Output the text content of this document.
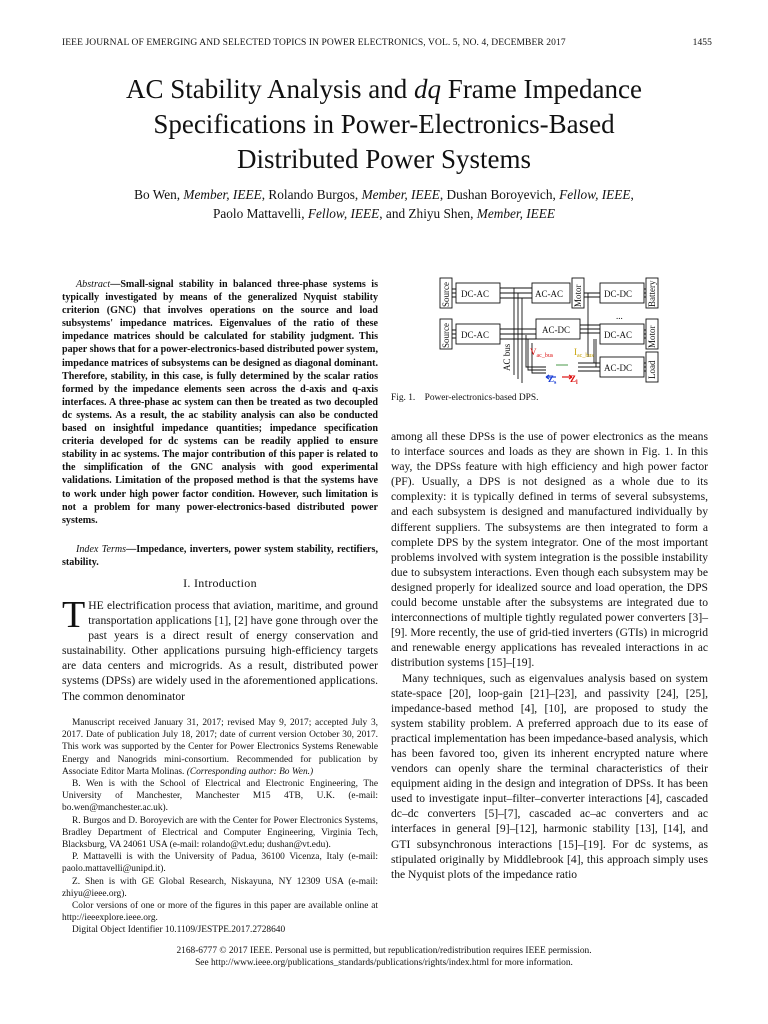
IEEE JOURNAL OF EMERGING AND SELECTED TOPICS IN POWER ELECTRONICS, VOL. 5, NO. 4, DECEMBER 2017	1455
AC Stability Analysis and dq Frame Impedance
Specifications in Power-Electronics-Based
Distributed Power Systems
Bo Wen, Member, IEEE, Rolando Burgos, Member, IEEE, Dushan Boroyevich, Fellow, IEEE,
Paolo Mattavelli, Fellow, IEEE, and Zhiyu Shen, Member, IEEE
Abstract—Small-signal stability in balanced three-phase systems is typically investigated by means of the generalized Nyquist stability criterion (GNC) that involves operations on the source and load subsystems' impedance matrices. Eigenvalues of the ratio of these impedance matrices should be calculated for stability judgment. This paper shows that for a power-electronics-based distributed power system, impedance matrices of subsystems can be designed as diagonal dominant. Therefore, stability, in this case, is fully determined by the scalar ratios formed by the impedance elements seen across the d-axis and q-axis interfaces. A three-phase ac system can then be treated as two decoupled dc systems. As a result, the ac stability analysis can also be conducted based on insightful impedance quantities; impedance specification criteria developed for dc systems can be readily applied to ensure stability in ac systems. The major contribution of this paper is related to the simplification of the GNC analysis with good experimental validations. Limitation of the proposed method is that the systems have to work under high power factor condition. However, such limitation is not a problem for many power-electronics-based distributed power systems.
Index Terms—Impedance, inverters, power system stability, rectifiers, stability.
I. Introduction
THE electrification process that aviation, maritime, and ground transportation applications [1], [2] have gone through over the past years is a direct result of energy conservation and sustainability. Other applications pursuing high-efficiency targets are data centers and microgrids. As a result, distributed power systems (DPSs) are widely used in the aforementioned applications. The common denominator

Manuscript received January 31, 2017; revised May 9, 2017; accepted July 3, 2017. Date of publication July 18, 2017; date of current version October 30, 2017. This work was supported by the Center for Power Electronics Systems Renewable Energy and Nanogrids mini-consortium. Recommended for publication by Associate Editor Marta Molinas. (Corresponding author: Bo Wen.)

B. Wen is with the School of Electrical and Electronic Engineering, The University of Manchester, Manchester M15 4TB, U.K. (e-mail: bo.wen@manchester.ac.uk).

R. Burgos and D. Boroyevich are with the Center for Power Electronics Systems, Bradley Department of Electrical and Computer Engineering, Virginia Tech, Blacksburg, VA 24061 USA (e-mail: rolando@vt.edu; dushan@vt.edu).

P. Mattavelli is with the University of Padua, 36100 Vicenza, Italy (e-mail: paolo.mattavelli@unipd.it).

Z. Shen is with GE Global Research, Niskayuna, NY 12309 USA (e-mail: zhiyu@ieee.org).

Color versions of one or more of the figures in this paper are available online at http://ieeexplore.ieee.org.

Digital Object Identifier 10.1109/JESTPE.2017.2728640

Source
Source
DC-AC	AC-AC Motor DC-DC Battery
DC-AC	AC-DC	DC-AC Motor
AC-DC Load
AC bus
...
$V_{ac\_bus}$ $I_{ac\_bus}$
$Z_s$ $Z_l$
Fig. 1. Power-electronics-based DPS.

among all these DPSs is the use of power electronics as the means to interface sources and loads as they are shown in Fig. 1. In this way, the DPSs feature with high efficiency and high power factor (PF). Usually, a DPS is not designed as a whole due to its complexity: it is typically defined in terms of several subsystems, and each subsystem is designed and manufactured individually by different suppliers. The subsystems are then integrated to form a complete DPS by the system integrator. One of the most important problems involved with system integration is the possible instability due to subsystem interactions. Even though each subsystem may be designed properly for idealized source and load operation, the DPS could become unstable after the subsystems are integrated due to interconnections of multiple tightly regulated power converters [3]–[9]. More recently, the use of grid-tied inverters (GTIs) in microgrid and renewable energy applications has revealed interactions in ac distribution systems [15]–[19].

Many techniques, such as eigenvalues analysis based on system state-space [20], loop-gain [21]–[23], and passivity [24], [25], impedance-based method [4], [10], are proposed to study the system stability problem. A preferred approach due to its ease of practical implementation has been impedance-based analysis, which has been favored too, given its inherent encrypted nature where vendors can openly share the terminal characteristics of their equipment aiding in the design and integration of DPSs. It has been used to investigate input–filter–converter interactions [4], cascaded dc–dc converters [5]–[7], cascaded ac–ac converters and ac interfaces in general [9]–[12], harmonic stability [13], [14], and GTI subsynchronous interactions [15]–[19]. For dc systems, as stipulated originally by Middlebrook [4], this approach simply uses the Nyquist plots of the impedance ratio

2168-6777 © 2017 IEEE. Personal use is permitted, but republication/redistribution requires IEEE permission.
See http://www.ieee.org/publications_standards/publications/rights/index.html for more information.
